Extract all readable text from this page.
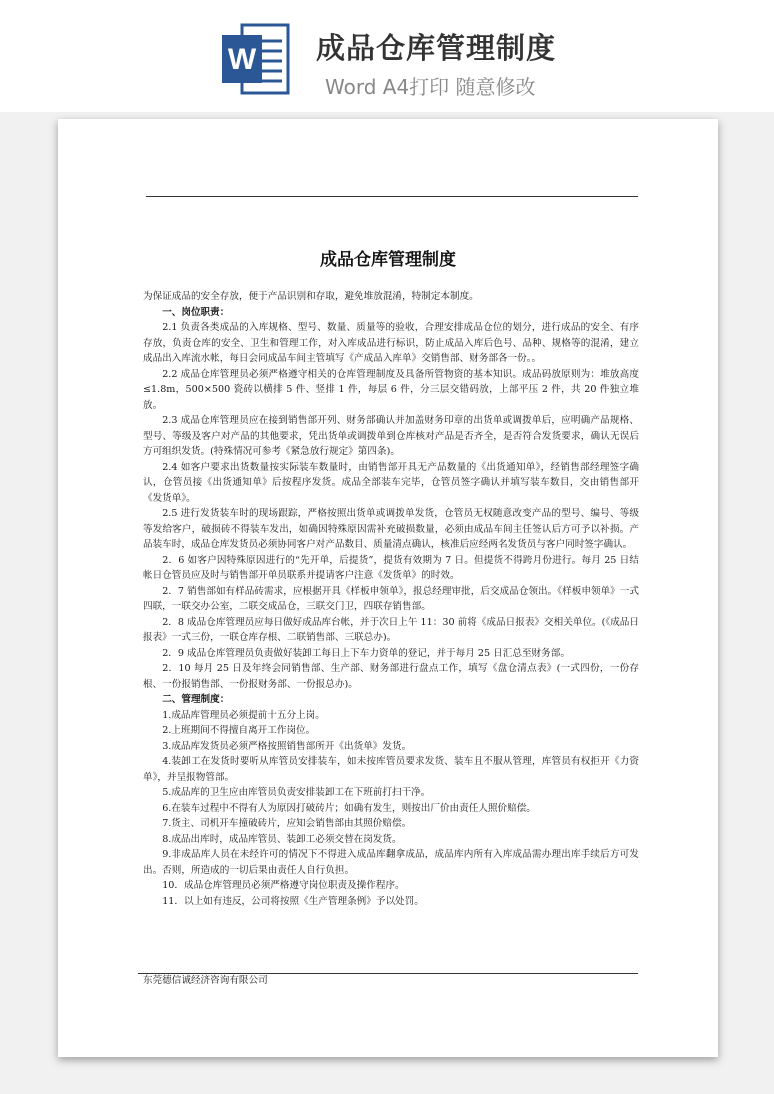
W 成品仓库管理制度
Word A4打印 随意修改
成品仓库管理制度

为保证成品的安全存放，便于产品识别和存取，避免堆放混淆，特制定本制度。

一、岗位职责：

2.1 负责各类成品的入库规格、型号、数量、质量等的验收，合理安排成品仓位的划分，进行成品的安全、有序存放，负责仓库的安全、卫生和管理工作，对入库成品进行标识，防止成品入库后色号、品种、规格等的混淆，建立成品出入库流水帐，每日会同成品车间主管填写《产成品入库单》交销售部、财务部各一份。。

2.2 成品仓库管理员必须严格遵守相关的仓库管理制度及具备所管物资的基本知识。成品码放原则为：堆放高度≤1.8m，500×500 瓷砖以横排 5 件、竖排 1 件，每层 6 件，分三层交错码放，上部平压 2 件，共 20 件独立堆放。

2.3 成品仓库管理员应在接到销售部开列、财务部确认并加盖财务印章的出货单或调拨单后，应明确产品规格、型号、等级及客户对产品的其他要求，凭出货单或调拨单到仓库核对产品是否齐全，是否符合发货要求，确认无误后方可组织发货。(特殊情况可参考《紧急放行规定》第四条)。

2.4 如客户要求出货数量按实际装车数量时，由销售部开具无产品数量的《出货通知单》，经销售部经理签字确认，仓管员接《出货通知单》后按程序发货。成品全部装车完毕，仓管员签字确认并填写装车数目，交由销售部开《发货单》。

2.5 进行发货装车时的现场跟踪，严格按照出货单或调拨单发货，仓管员无权随意改变产品的型号、编号、等级等发给客户，破损砖不得装车发出，如确因特殊原因需补充破损数量，必须由成品车间主任签认后方可予以补损。产品装车时，成品仓库发货员必须协同客户对产品数目、质量清点确认，核准后应经两名发货员与客户同时签字确认。

2．6 如客户因特殊原因进行的“先开单，后提货”，提货有效期为 7 日。但提货不得跨月份进行。每月 25 日结帐日仓管员应及时与销售部开单员联系并提请客户注意《发货单》的时效。

2．7 销售部如有样品砖需求，应根据开具《样板申领单》，报总经理审批，后交成品仓领出。《样板申领单》一式四联，一联交办公室，二联交成品仓，三联交门卫，四联存销售部。

2．8 成品仓库管理员应每日做好成品库台帐，并于次日上午 11：30 前将《成品日报表》交相关单位。(《成品日报表》一式三份，一联仓库存根、二联销售部、三联总办)。

2．9 成品仓库管理员负责做好装卸工每日上下车力资单的登记，并于每月 25 日汇总至财务部。

2．10 每月 25 日及年终会同销售部、生产部、财务部进行盘点工作，填写《盘仓清点表》(一式四份，一份存根、一份报销售部、一份报财务部、一份报总办)。

二、管理制度：

1.成品库管理员必须提前十五分上岗。

2.上班期间不得擅自离开工作岗位。

3.成品库发货员必须严格按照销售部所开《出货单》发货。

4.装卸工在发货时要听从库管员安排装车，如未按库管员要求发货、装车且不服从管理，库管员有权拒开《力资单》，并呈报物管部。

5.成品库的卫生应由库管员负责安排装卸工在下班前打扫干净。

6.在装车过程中不得有人为原因打破砖片；如确有发生，则按出厂价由责任人照价赔偿。

7.货主、司机开车撞破砖片，应知会销售部由其照价赔偿。

8.成品出库时，成品库管员、装卸工必须交替在岗发货。

9.非成品库人员在未经许可的情况下不得进入成品库翻拿成品，成品库内所有入库成品需办理出库手续后方可发出。否则，所造成的一切后果由责任人自行负担。

10．成品仓库管理员必须严格遵守岗位职责及操作程序。

11．以上如有违反，公司将按照《生产管理条例》予以处罚。

东莞德信诚经济咨询有限公司
